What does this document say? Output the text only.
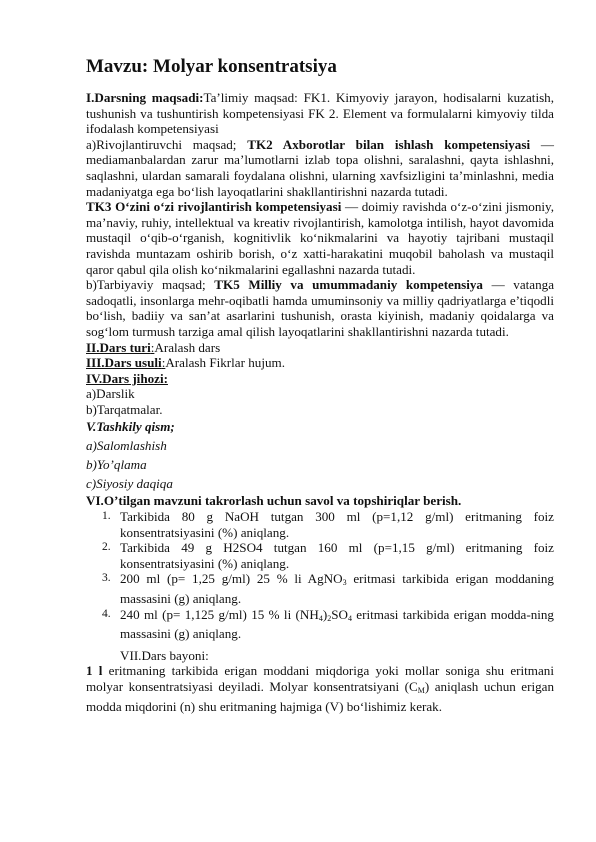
Mavzu: Molyar konsentratsiya

I.Darsning maqsadi:Ta’limiy maqsad: FK1. Kimyoviy jarayon, hodisalarni kuzatish, tushunish va tushuntirish kompetensiyasi FK 2. Element va formulalarni kimyoviy tilda ifodalash kompetensiyasi

a)Rivojlantiruvchi maqsad; TK2 Axborotlar bilan ishlash kompetensiyasi — mediamanbalardan zarur ma’lumotlarni izlab topa olishni, saralashni, qayta ishlashni, saqlashni, ulardan samarali foydalana olishni, ularning xavfsizligini ta’minlashni, media madaniyatga ega bo‘lish layoqatlarini shakllantirishni nazarda tutadi.

TK3 O‘zini o‘zi rivojlantirish kompetensiyasi — doimiy ravishda o‘z-o‘zini jismoniy, ma’naviy, ruhiy, intellektual va kreativ rivojlantirish, kamolotga intilish, hayot davomida mustaqil o‘qib-o‘rganish, kognitivlik ko‘nikmalarini va hayotiy tajribani mustaqil ravishda muntazam oshirib borish, o‘z xatti-harakatini muqobil baholash va mustaqil qaror qabul qila olish ko‘nikmalarini egallashni nazarda tutadi.

b)Tarbiyaviy maqsad; TK5 Milliy va umummadaniy kompetensiya — vatanga sadoqatli, insonlarga mehr-oqibatli hamda umuminsoniy va milliy qadriyatlarga e’tiqodli bo‘lish, badiiy va san’at asarlarini tushunish, orasta kiyinish, madaniy qoidalarga va sog‘lom turmush tarziga amal qilish layoqatlarini shakllantirishni nazarda tutadi.

II.Dars turi:Aralash dars

III.Dars usuli:Aralash Fikrlar hujum.

IV.Dars jihozi:

a)Darslik

b)Tarqatmalar.

V.Tashkily qism;

a)Salomlashish

b)Yo’qlama

c)Siyosiy daqiqa

VI.O’tilgan mavzuni takrorlash uchun savol va topshiriqlar berish.

1. Tarkibida 80 g NaOH tutgan 300 ml (p=1,12 g/ml) eritmaning foiz konsentratsiyasini (%) aniqlang.
2. Tarkibida 49 g H2SO4 tutgan 160 ml (p=1,15 g/ml) eritmaning foiz konsentratsiyasini (%) aniqlang.
3. 200 ml (p= 1,25 g/ml) 25 % li AgNO$_3$ eritmasi tarkibida erigan moddaning massasini (g) aniqlang.
4. 240 ml (p= 1,125 g/ml) 15 % li $(NH_4)_2SO_4$ eritmasi tarkibida erigan modda-ning massasini (g) aniqlang.

VII.Dars bayoni:

1 l eritmaning tarkibida erigan moddani miqdoriga yoki mollar soniga shu eritmani molyar konsentratsiyasi deyiladi. Molyar konsentratsiyani $(C_M)$ aniqlash uchun erigan modda miqdorini (n) shu eritmaning hajmiga (V) bo‘lishimiz kerak.
